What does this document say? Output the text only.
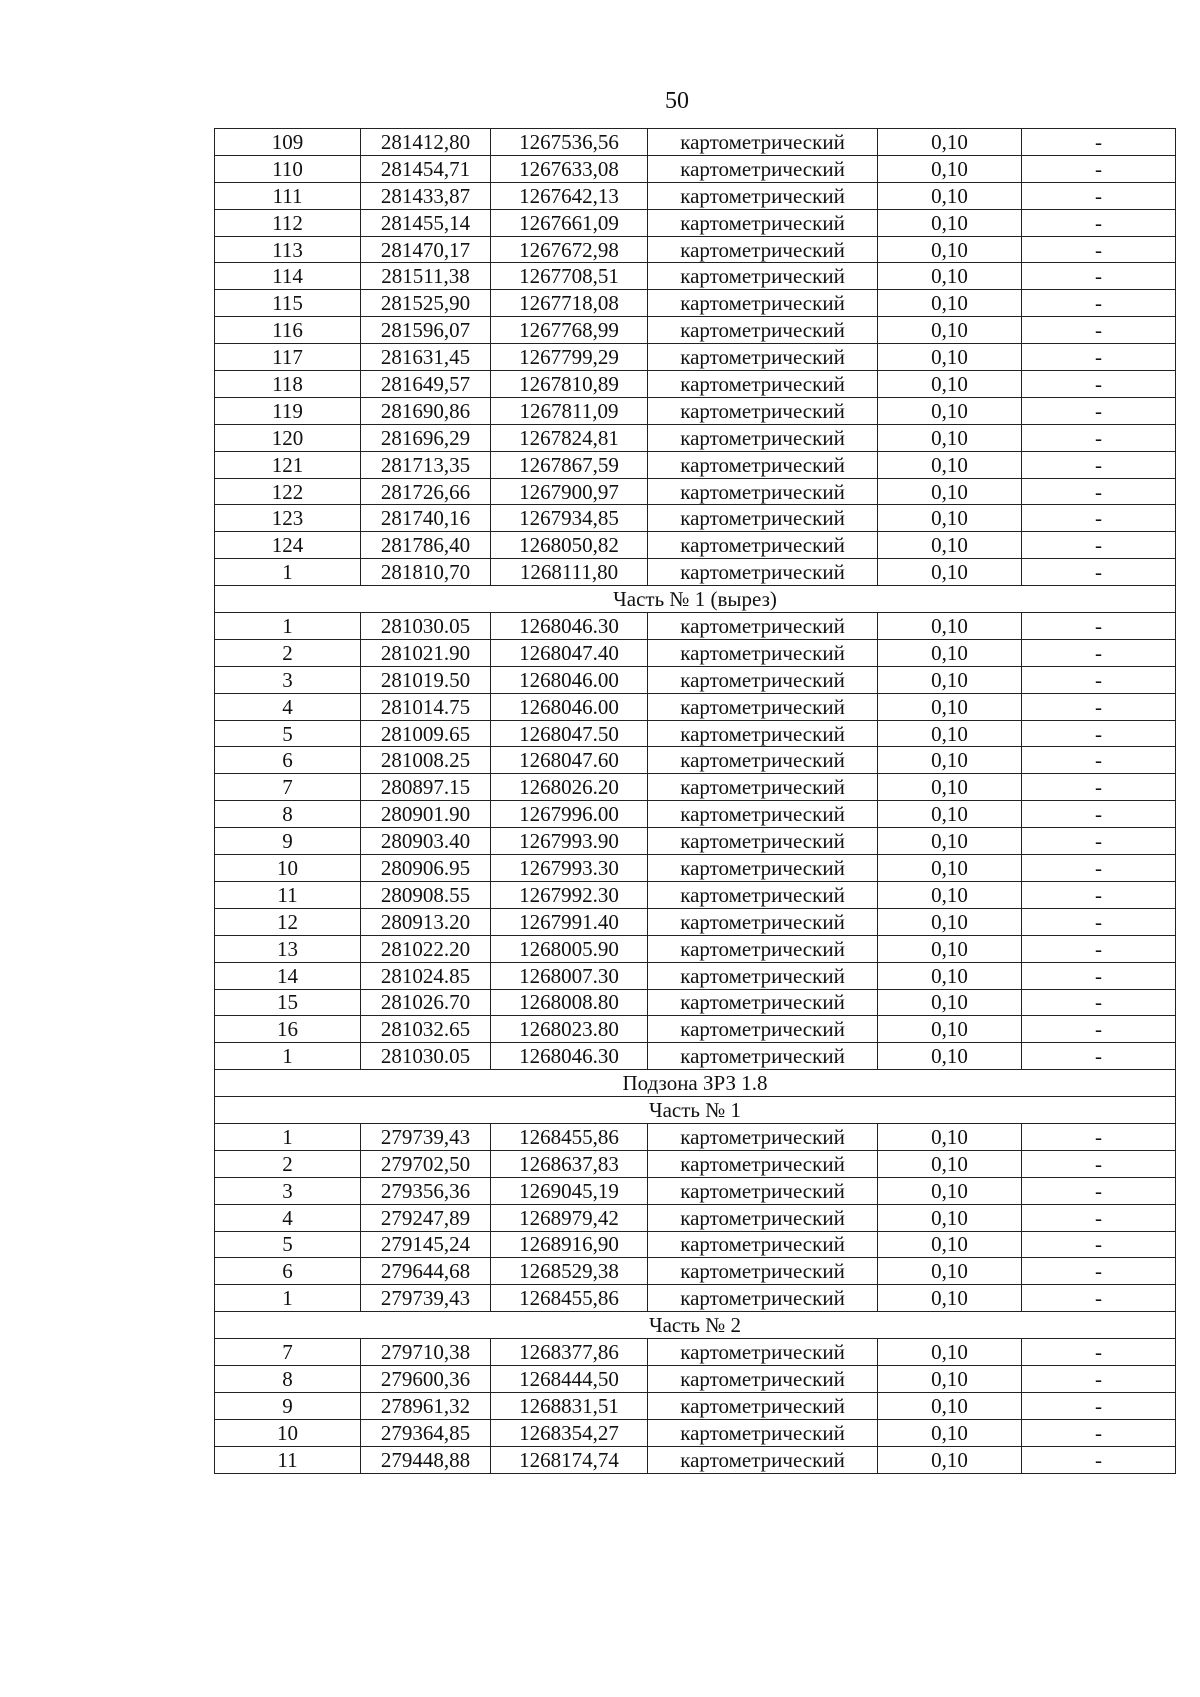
50
109	281412,80	1267536,56	картометрический	0,10	-
110	281454,71	1267633,08	картометрический	0,10	-
111	281433,87	1267642,13	картометрический	0,10	-
112	281455,14	1267661,09	картометрический	0,10	-
113	281470,17	1267672,98	картометрический	0,10	-
114	281511,38	1267708,51	картометрический	0,10	-
115	281525,90	1267718,08	картометрический	0,10	-
116	281596,07	1267768,99	картометрический	0,10	-
117	281631,45	1267799,29	картометрический	0,10	-
118	281649,57	1267810,89	картометрический	0,10	-
119	281690,86	1267811,09	картометрический	0,10	-
120	281696,29	1267824,81	картометрический	0,10	-
121	281713,35	1267867,59	картометрический	0,10	-
122	281726,66	1267900,97	картометрический	0,10	-
123	281740,16	1267934,85	картометрический	0,10	-
124	281786,40	1268050,82	картометрический	0,10	-
1	281810,70	1268111,80	картометрический	0,10	-
Часть № 1 (вырез)					
1	281030.05	1268046.30	картометрический	0,10	-
2	281021.90	1268047.40	картометрический	0,10	-
3	281019.50	1268046.00	картометрический	0,10	-
4	281014.75	1268046.00	картометрический	0,10	-
5	281009.65	1268047.50	картометрический	0,10	-
6	281008.25	1268047.60	картометрический	0,10	-
7	280897.15	1268026.20	картометрический	0,10	-
8	280901.90	1267996.00	картометрический	0,10	-
9	280903.40	1267993.90	картометрический	0,10	-
10	280906.95	1267993.30	картометрический	0,10	-
11	280908.55	1267992.30	картометрический	0,10	-
12	280913.20	1267991.40	картометрический	0,10	-
13	281022.20	1268005.90	картометрический	0,10	-
14	281024.85	1268007.30	картометрический	0,10	-
15	281026.70	1268008.80	картометрический	0,10	-
16	281032.65	1268023.80	картометрический	0,10	-
1	281030.05	1268046.30	картометрический	0,10	-
Подзона ЗРЗ 1.8					
Часть № 1					
1	279739,43	1268455,86	картометрический	0,10	-
2	279702,50	1268637,83	картометрический	0,10	-
3	279356,36	1269045,19	картометрический	0,10	-
4	279247,89	1268979,42	картометрический	0,10	-
5	279145,24	1268916,90	картометрический	0,10	-
6	279644,68	1268529,38	картометрический	0,10	-
1	279739,43	1268455,86	картометрический	0,10	-
Часть № 2					
7	279710,38	1268377,86	картометрический	0,10	-
8	279600,36	1268444,50	картометрический	0,10	-
9	278961,32	1268831,51	картометрический	0,10	-
10	279364,85	1268354,27	картометрический	0,10	-
11	279448,88	1268174,74	картометрический	0,10	-
